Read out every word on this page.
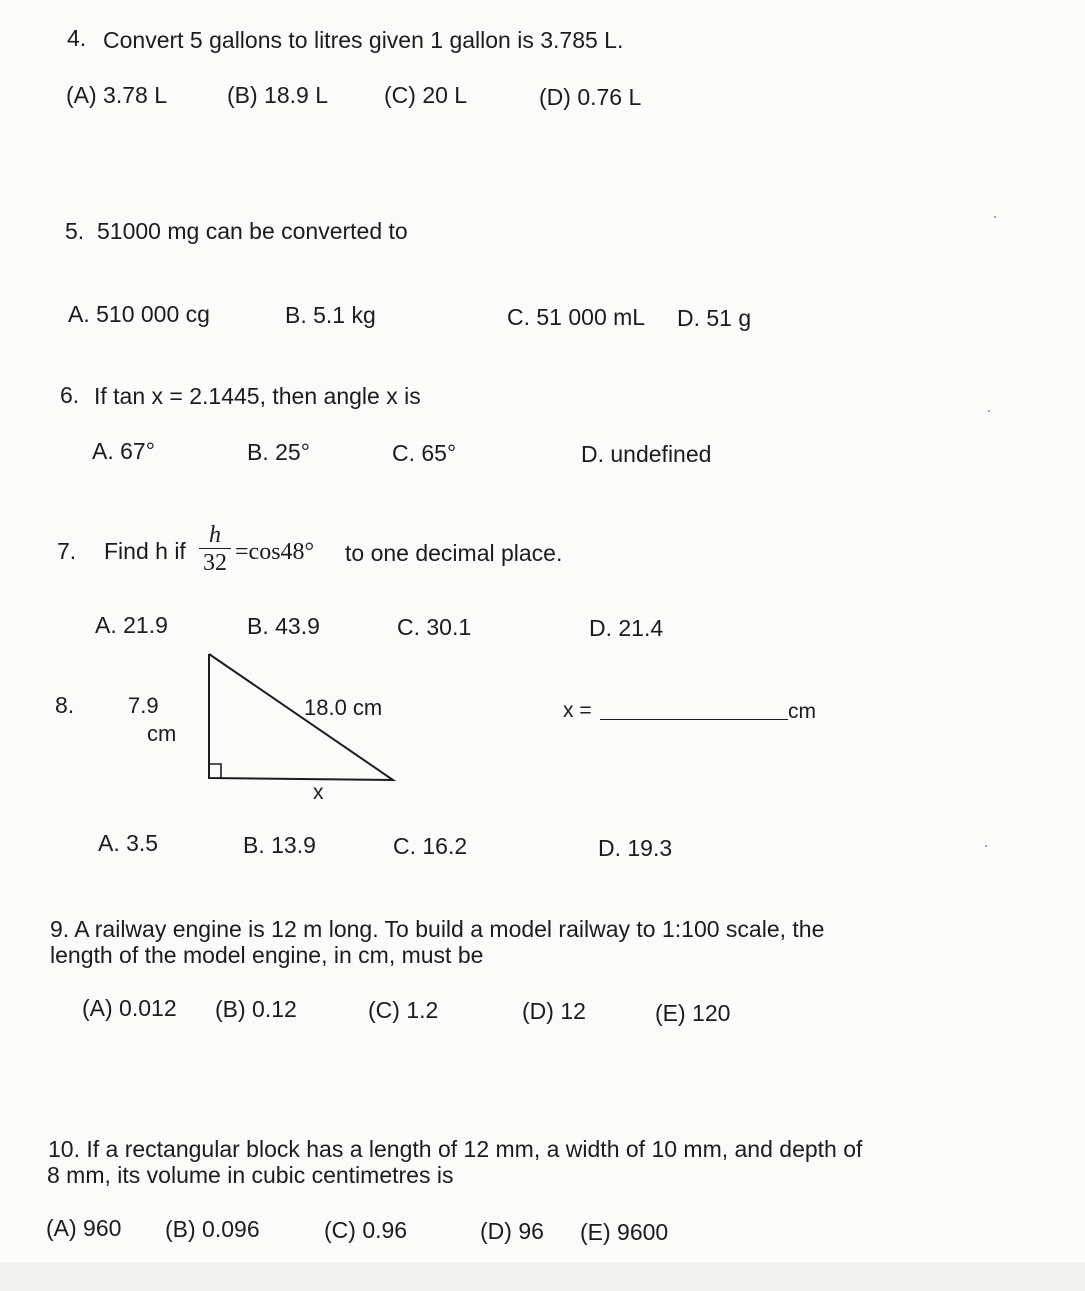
4. Convert 5 gallons to litres given 1 gallon is 3.785 L.
(A) 3.78 L	(B) 18.9 L (C) 20 L	(D) 0.76 L
5. 51000 mg can be converted to
A. 510 000 cg	B. 5.1 kg	C. 51 000 mL D. 51 g
6. If tan x = 2.1445, then angle x is
A. 67°	B. 25°	C. 65°	D. undefined
7. Find h if
h
32 =cos48° to one decimal place.
A. 21.9	B. 43.9	C. 30.1	D. 21.4
8. 7.9
cm
18.0 cm
x
x =	cm
A. 3.5	B. 13.9	C. 16.2	D. 19.3
9. A railway engine is 12 m long. To build a model railway to 1:100 scale, the
length of the model engine, in cm, must be
(A) 0.012 (B) 0.12	(C) 1.2	(D) 12	(E) 120
10. If a rectangular block has a length of 12 mm, a width of 10 mm, and depth of
8 mm, its volume in cubic centimetres is
(A) 960 (B) 0.096	(C) 0.96	(D) 96 (E) 9600
